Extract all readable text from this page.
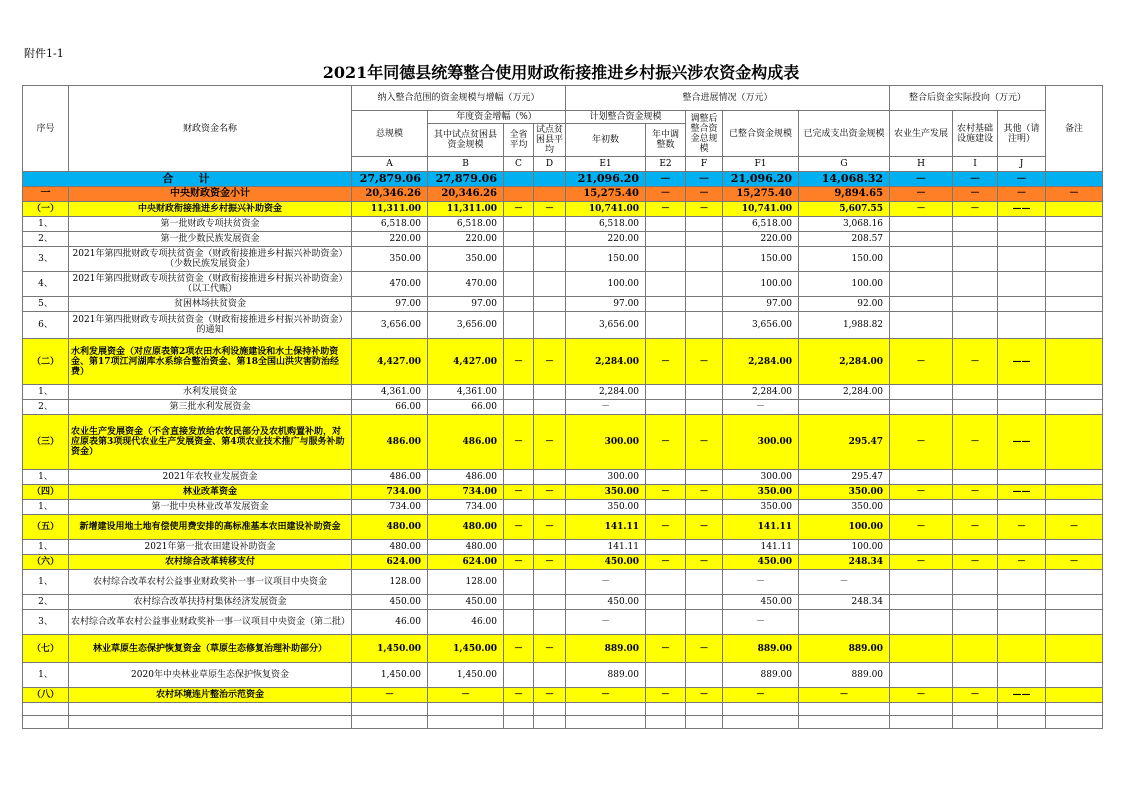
附件1-1
2021年同德县统筹整合使用财政衔接推进乡村振兴涉农资金构成表
序号	财政资金名称	纳入整合范围的资金规模与增幅（万元）				整合进展情况（万元）					整合后资金实际投向（万元）			备注
		总规模	年度资金增幅（%）			计划整合资金规模		调整后整合资金总规模	已整合资金规模	已完成支出资金规模	农业生产发展	农村基础设施建设	其他（请注明）	
			其中试点贫困县资金规模	全省平均	试点贫困县平均	年初数	年中调整数							
		A	B	C	D	E1	E2	F	F1	G	H	I	J	
合    计		27,879.06	27,879.06			21,096.20	－	－	21,096.20	14,068.32	－	－	－	
一	中央财政资金小计	20,346.26	20,346.26			15,275.40	－	－	15,275.40	9,894.65	－	－	－	－
（一）	中央财政衔接推进乡村振兴补助资金	11,311.00	11,311.00	－	－	10,741.00	－	－	10,741.00	5,607.55	－	－	——	
1、	第一批财政专项扶贫资金	6,518.00	6,518.00			6,518.00			6,518.00	3,068.16				
2、	第一批少数民族发展资金	220.00	220.00			220.00			220.00	208.57				
3、	2021年第四批财政专项扶贫资金（财政衔接推进乡村振兴补助资金）（少数民族发展资金）	350.00	350.00			150.00			150.00	150.00				
4、	2021年第四批财政专项扶贫资金（财政衔接推进乡村振兴补助资金）（以工代赈）	470.00	470.00			100.00			100.00	100.00				
5、	贫困林场扶贫资金	97.00	97.00			97.00			97.00	92.00				
6、	2021年第四批财政专项扶贫资金（财政衔接推进乡村振兴补助资金）的通知	3,656.00	3,656.00			3,656.00			3,656.00	1,988.82				
（二）	水利发展资金（对应原表第2项农田水利设施建设和水土保持补助资金、第17项江河湖库水系综合整治资金、第18全国山洪灾害防治经费）	4,427.00	4,427.00	－	－	2,284.00	－	－	2,284.00	2,284.00	－	－	——	
1、	水利发展资金	4,361.00	4,361.00			2,284.00			2,284.00	2,284.00				
2、	第三批水利发展资金	66.00	66.00			－			－					
（三）	农业生产发展资金（不含直接发放给农牧民部分及农机购置补助，对应原表第3项现代农业生产发展资金、第4项农业技术推广与服务补助资金）	486.00	486.00	－	－	300.00	－	－	300.00	295.47	－	－	——	
1、	2021年农牧业发展资金	486.00	486.00			300.00			300.00	295.47				
（四）	林业改革资金	734.00	734.00	－	－	350.00	－	－	350.00	350.00	－	－	——	
1、	第一批中央林业改革发展资金	734.00	734.00			350.00			350.00	350.00				
（五）	新增建设用地土地有偿使用费安排的高标准基本农田建设补助资金	480.00	480.00	－	－	141.11	－	－	141.11	100.00	－	－	－	－
1、	2021年第一批农田建设补助资金	480.00	480.00			141.11			141.11	100.00				
（六）	农村综合改革转移支付	624.00	624.00	－	－	450.00	－	－	450.00	248.34	－	－	－	－
1、	农村综合改革农村公益事业财政奖补一事一议项目中央资金	128.00	128.00			－			－	－				
2、	农村综合改革扶持村集体经济发展资金	450.00	450.00			450.00			450.00	248.34				
3、	农村综合改革农村公益事业财政奖补一事一议项目中央资金（第二批）	46.00	46.00			－			－					
（七）	林业草原生态保护恢复资金（草原生态修复治理补助部分）	1,450.00	1,450.00	－	－	889.00	－	－	889.00	889.00				
1、	2020年中央林业草原生态保护恢复资金	1,450.00	1,450.00			889.00			889.00	889.00				
（八）	农村环境连片整治示范资金	－	－	－	－	－	－	－	－	－	－	－	——	
